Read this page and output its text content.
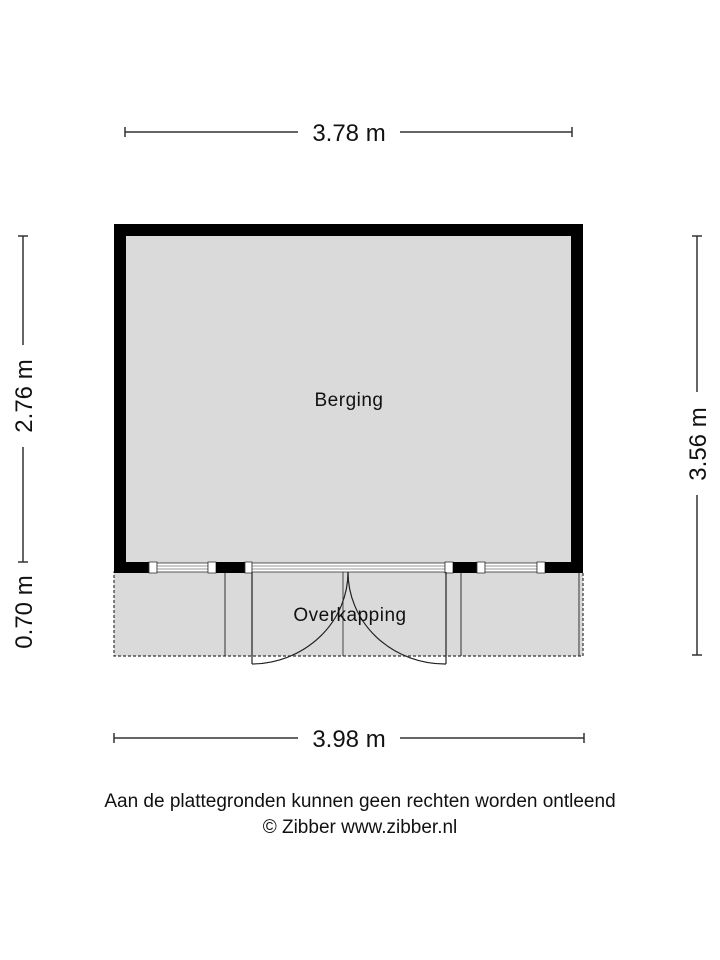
3.78 m
2.76 m
0.70 m
3.56 m
Berging
Overkapping
3.98 m
Aan de plattegronden kunnen geen rechten worden ontleend
© Zibber www.zibber.nl
